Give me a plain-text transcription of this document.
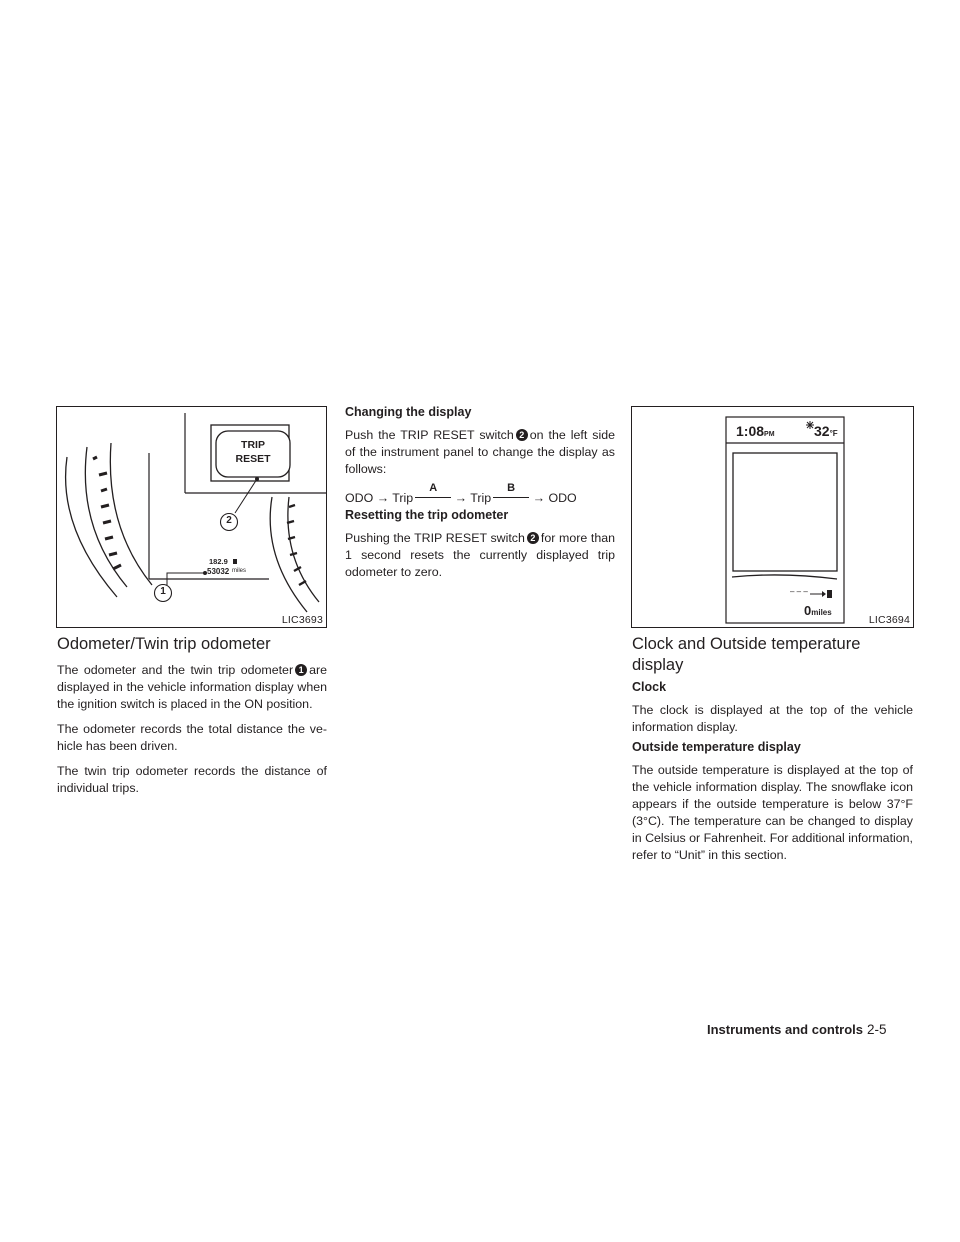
TRIP
RESET
2
1
182.9
53032 miles
LIC3693
1:08PM	32°F
– – –
0miles
LIC3694
Odometer/Twin trip odometer

The odometer and the twin trip odometer 1 are displayed in the vehicle information display when the ignition switch is placed in the ON position.

The odometer records the total distance the ve-hicle has been driven.

The twin trip odometer records the distance of individual trips.

Changing the display

Push the TRIP RESET switch 2 on the left side of the instrument panel to change the display as follows:

ODO → Trip
A
→ Trip
B
→ ODO
Resetting the trip odometer

Pushing the TRIP RESET switch 2 for more than 1 second resets the currently displayed trip odometer to zero.

Clock and Outside temperature
display
Clock

The clock is displayed at the top of the vehicle information display.

Outside temperature display

The outside temperature is displayed at the top of the vehicle information display. The snowflake icon appears if the outside temperature is below 37°F (3°C). The temperature can be changed to display in Celsius or Fahrenheit. For additional information, refer to “Unit” in this section.

Instruments and controls 2-5
